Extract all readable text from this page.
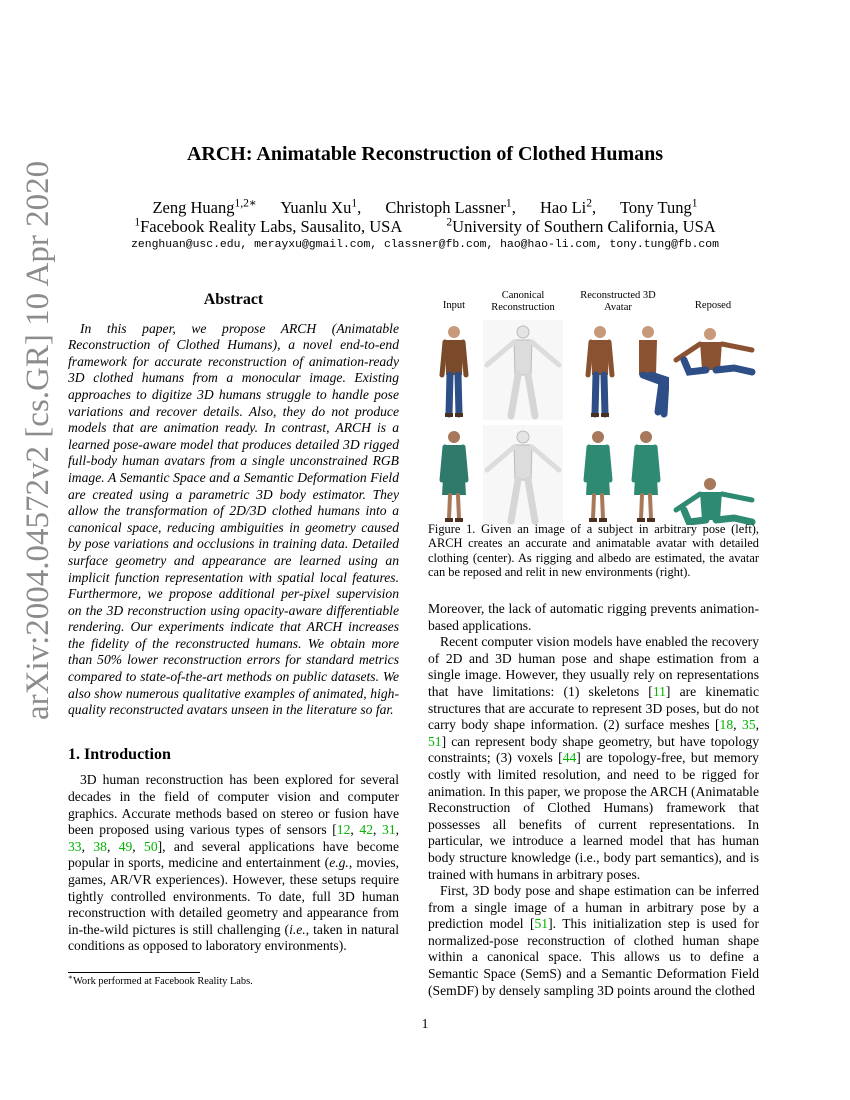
ARCH: Animatable Reconstruction of Clothed Humans
Zeng Huang$^{1,2∗}$ Yuanlu Xu$^1$, Christoph Lassner$^1$, Hao Li$^2$, Tony Tung$^1$
$^1$Facebook Reality Labs, Sausalito, USA	$^2$University of Southern California, USA
zenghuan@usc.edu, merayxu@gmail.com, classner@fb.com, hao@hao-li.com, tony.tung@fb.com
arXiv:2004.04572v2 [cs.GR] 10 Apr 2020	Abstract

In this paper, we propose ARCH (Animatable Reconstruction of Clothed Humans), a novel end-to-end framework for accurate reconstruction of animation-ready 3D clothed humans from a monocular image. Existing approaches to digitize 3D humans struggle to handle pose variations and recover details. Also, they do not produce models that are animation ready. In contrast, ARCH is a learned pose-aware model that produces detailed 3D rigged full-body human avatars from a single unconstrained RGB image. A Semantic Space and a Semantic Deformation Field are created using a parametric 3D body estimator. They allow the transformation of 2D/3D clothed humans into a canonical space, reducing ambiguities in geometry caused by pose variations and occlusions in training data. Detailed surface geometry and appearance are learned using an implicit function representation with spatial local features. Furthermore, we propose additional per-pixel supervision on the 3D reconstruction using opacity-aware differentiable rendering. Our experiments indicate that ARCH increases the fidelity of the reconstructed humans. We obtain more than 50% lower reconstruction errors for standard metrics compared to state-of-the-art methods on public datasets. We also show numerous qualitative examples of animated, high-quality reconstructed avatars unseen in the literature so far.

1. Introduction

3D human reconstruction has been explored for several decades in the field of computer vision and computer graphics. Accurate methods based on stereo or fusion have been proposed using various types of sensors [12, 42, 31, 33, 38, 49, 50], and several applications have become popular in sports, medicine and entertainment (e.g., movies, games, AR/VR experiences). However, these setups require tightly controlled environments. To date, full 3D human reconstruction with detailed geometry and appearance from in-the-wild pictures is still challenging (i.e., taken in natural conditions as opposed to laboratory environments).

Input
Canonical Reconstruction
Reconstructed 3D Avatar	Reposed
Figure 1. Given an image of a subject in arbitrary pose (left), ARCH creates an accurate and animatable avatar with detailed clothing (center). As rigging and albedo are estimated, the avatar can be reposed and relit in new environments (right).

Moreover, the lack of automatic rigging prevents animation-based applications.

Recent computer vision models have enabled the recovery of 2D and 3D human pose and shape estimation from a single image. However, they usually rely on representations that have limitations: (1) skeletons [11] are kinematic structures that are accurate to represent 3D poses, but do not carry body shape information. (2) surface meshes [18, 35, 51] can represent body shape geometry, but have topology constraints; (3) voxels [44] are topology-free, but memory costly with limited resolution, and need to be rigged for animation. In this paper, we propose the ARCH (Animatable Reconstruction of Clothed Humans) framework that possesses all benefits of current representations. In particular, we introduce a learned model that has human body structure knowledge (i.e., body part semantics), and is trained with humans in arbitrary poses.

First, 3D body pose and shape estimation can be inferred from a single image of a human in arbitrary pose by a prediction model [51]. This initialization step is used for normalized-pose reconstruction of clothed human shape within a canonical space. This allows us to define a Semantic Space (SemS) and a Semantic Deformation Field (SemDF) by densely sampling 3D points around the clothed

∗Work performed at Facebook Reality Labs.
1
